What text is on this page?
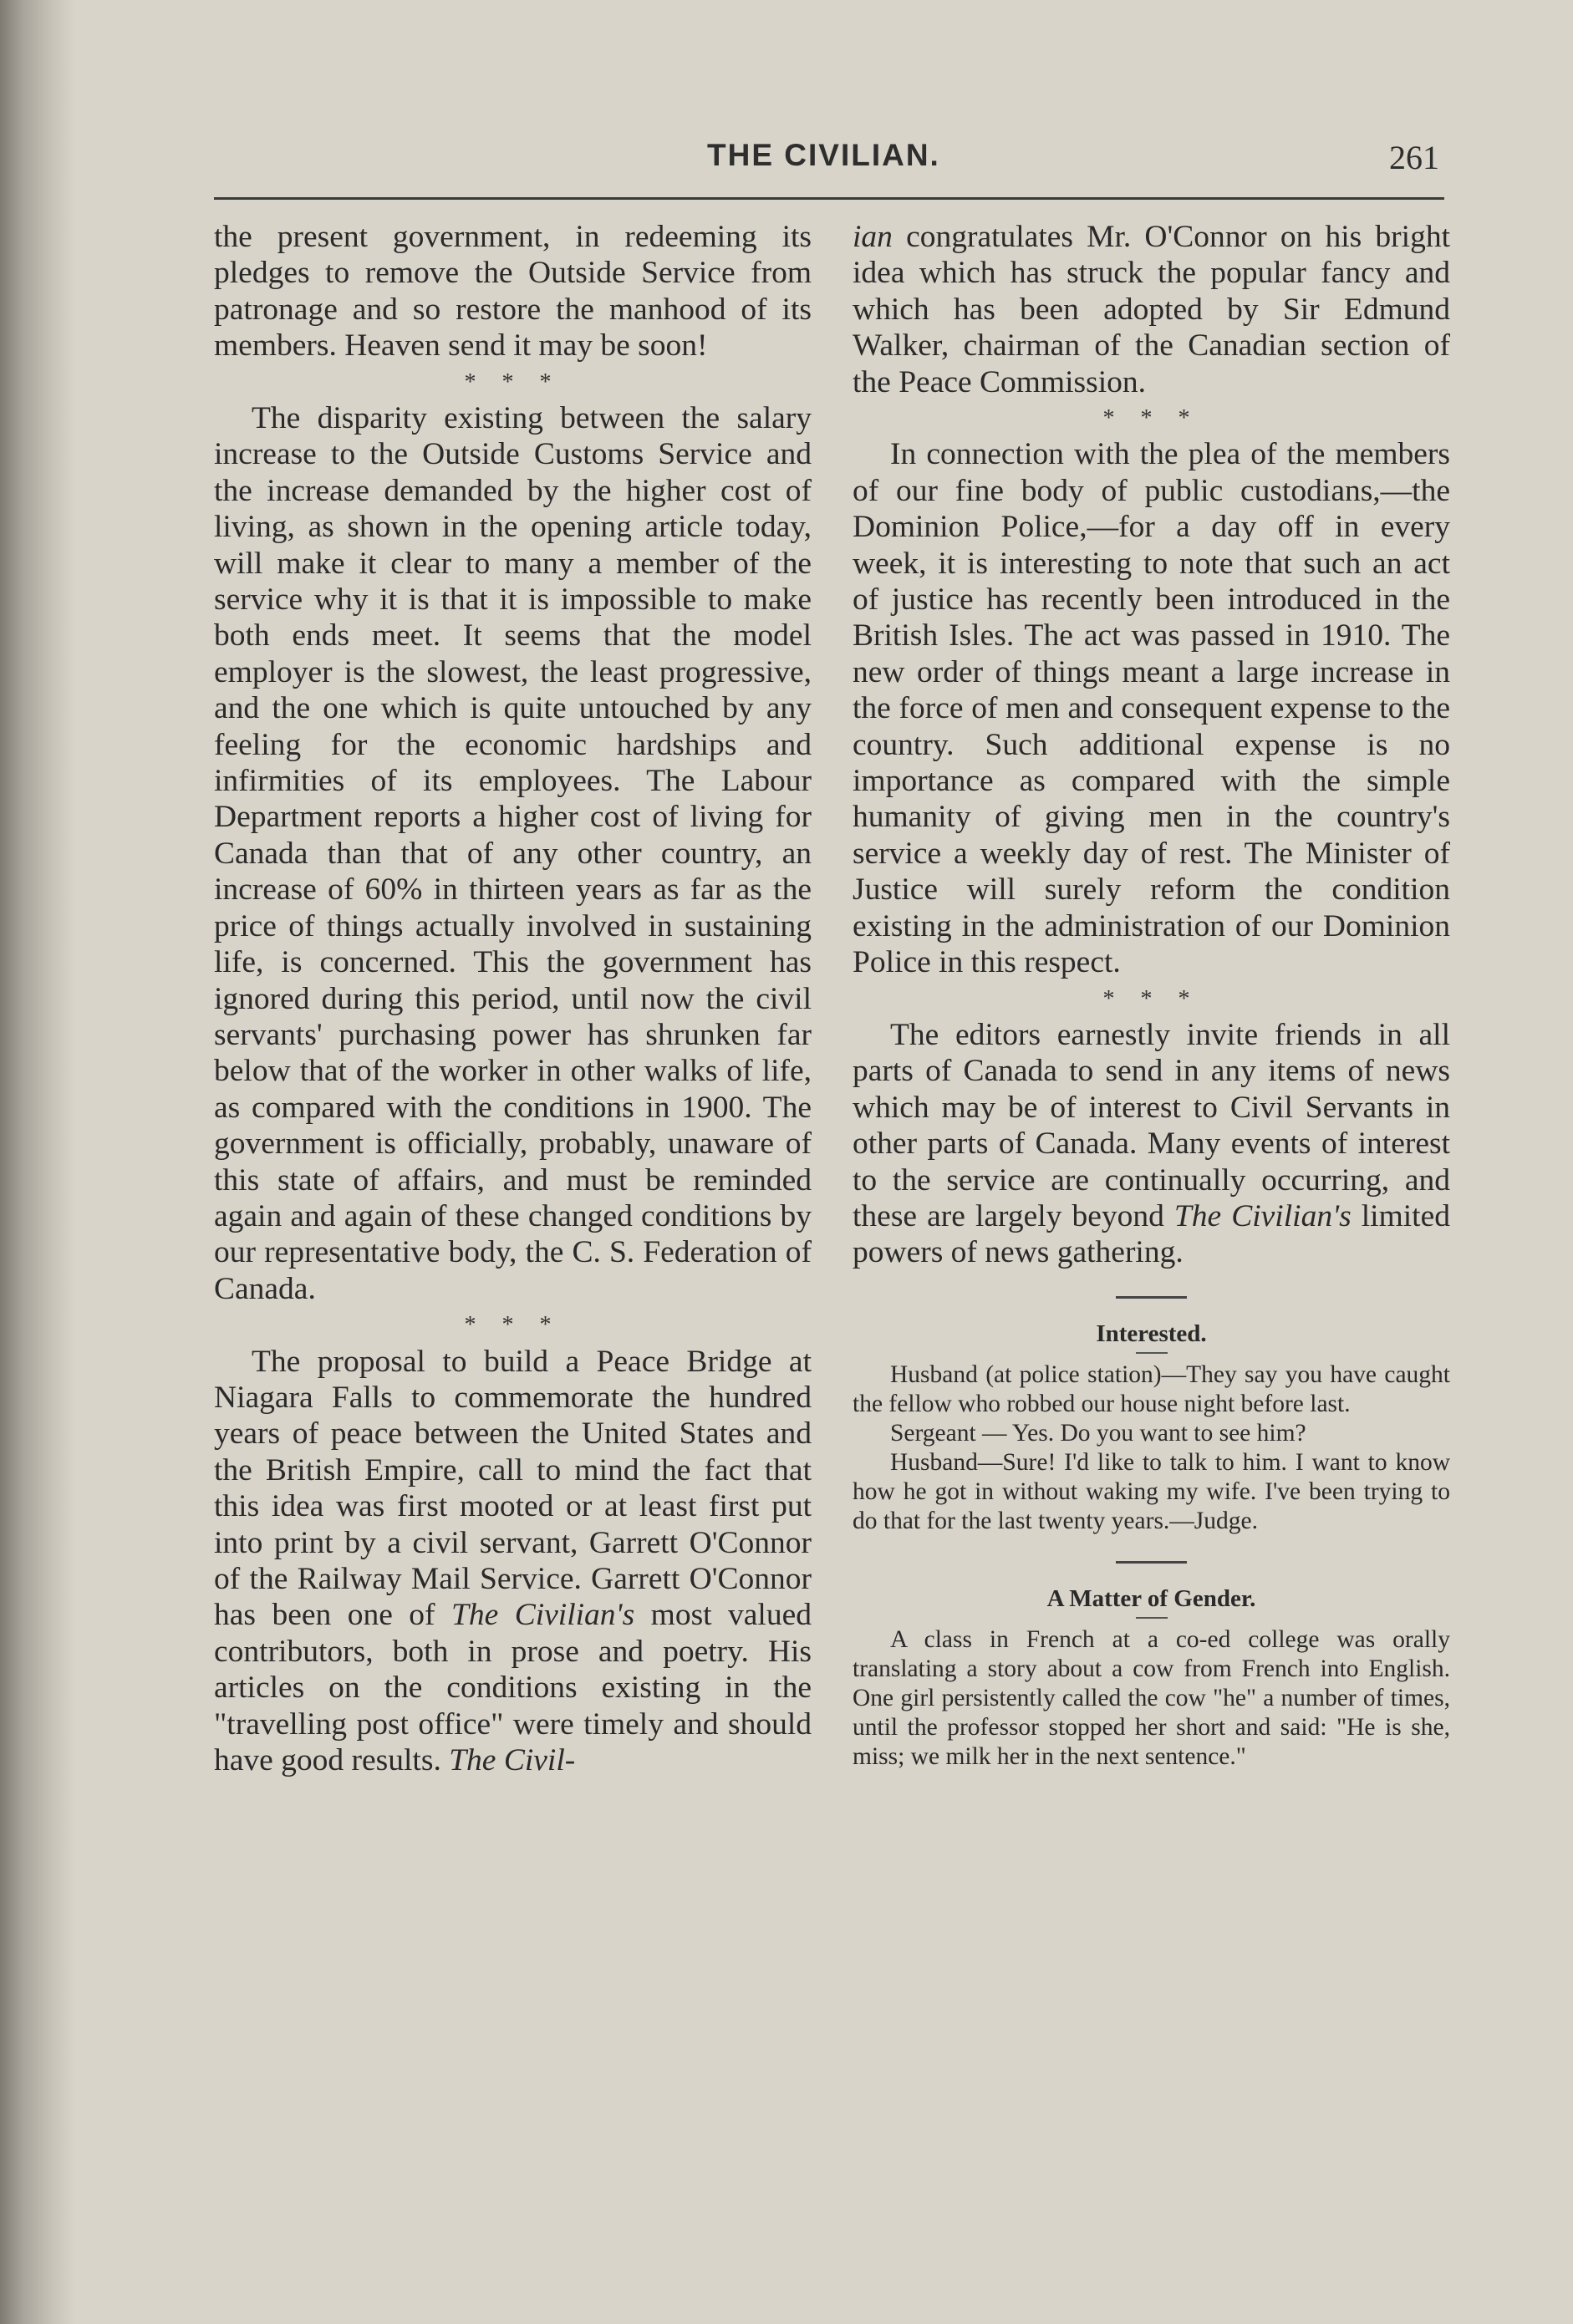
THE CIVILIAN.	261

the present government, in redeeming its pledges to remove the Outside Service from patronage and so restore the manhood of its members. Heaven send it may be soon!

* * *

The disparity existing between the salary increase to the Outside Customs Service and the increase demanded by the higher cost of living, as shown in the opening article today, will make it clear to many a member of the service why it is that it is impossible to make both ends meet. It seems that the model employer is the slowest, the least progressive, and the one which is quite untouched by any feeling for the economic hardships and infirmities of its employees. The Labour Department reports a higher cost of living for Canada than that of any other country, an increase of 60% in thirteen years as far as the price of things actually involved in sustaining life, is concerned. This the government has ignored during this period, until now the civil servants' purchasing power has shrunken far below that of the worker in other walks of life, as compared with the conditions in 1900. The government is officially, probably, unaware of this state of affairs, and must be reminded again and again of these changed conditions by our representative body, the C. S. Federation of Canada.

* * *

The proposal to build a Peace Bridge at Niagara Falls to commemorate the hundred years of peace between the United States and the British Empire, call to mind the fact that this idea was first mooted or at least first put into print by a civil servant, Garrett O'Connor of the Railway Mail Service. Garrett O'Connor has been one of The Civilian's most valued contributors, both in prose and poetry. His articles on the conditions existing in the "travelling post office" were timely and should have good results. The Civil-

ian congratulates Mr. O'Connor on his bright idea which has struck the popular fancy and which has been adopted by Sir Edmund Walker, chairman of the Canadian section of the Peace Commission.

* * *

In connection with the plea of the members of our fine body of public custodians,—the Dominion Police,—for a day off in every week, it is interesting to note that such an act of justice has recently been introduced in the British Isles. The act was passed in 1910. The new order of things meant a large increase in the force of men and consequent expense to the country. Such additional expense is no importance as compared with the simple humanity of giving men in the country's service a weekly day of rest. The Minister of Justice will surely reform the condition existing in the administration of our Dominion Police in this respect.

* * *

The editors earnestly invite friends in all parts of Canada to send in any items of news which may be of interest to Civil Servants in other parts of Canada. Many events of interest to the service are continually occurring, and these are largely beyond The Civilian's limited powers of news gathering.

Interested.

Husband (at police station)—They say you have caught the fellow who robbed our house night before last.

Sergeant — Yes. Do you want to see him?

Husband—Sure! I'd like to talk to him. I want to know how he got in without waking my wife. I've been trying to do that for the last twenty years.—Judge.

A Matter of Gender.

A class in French at a co-ed college was orally translating a story about a cow from French into English. One girl persistently called the cow "he" a number of times, until the professor stopped her short and said: "He is she, miss; we milk her in the next sentence."
